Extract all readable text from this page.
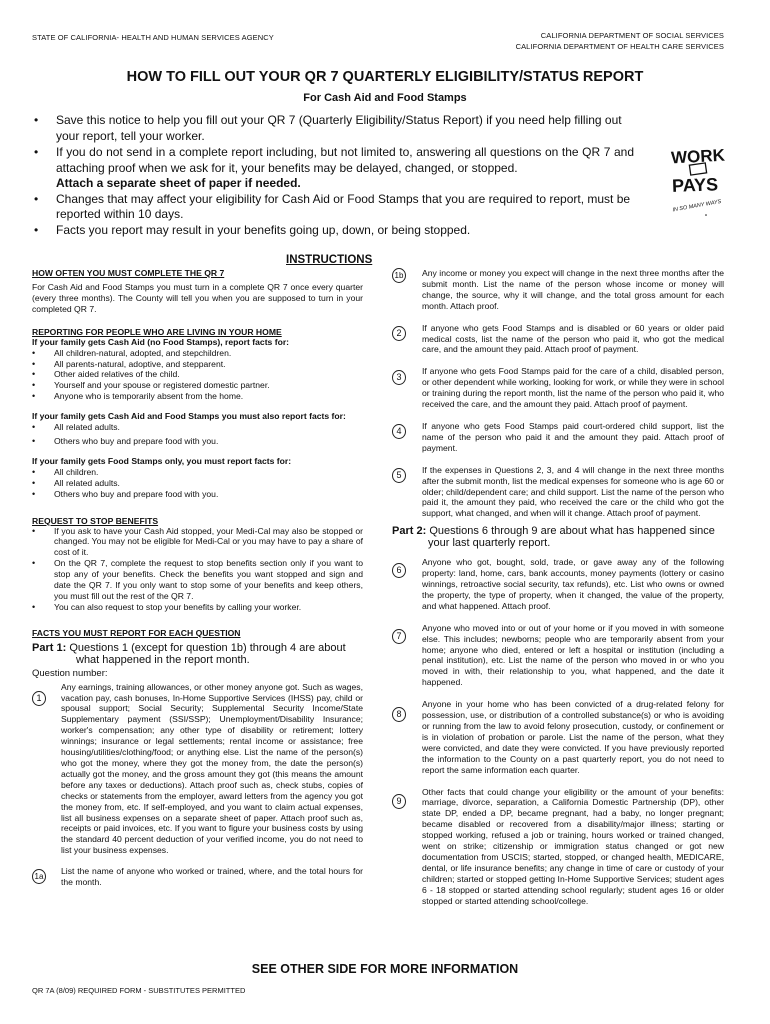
STATE OF CALIFORNIA- HEALTH AND HUMAN SERVICES AGENCY	CALIFORNIA DEPARTMENT OF SOCIAL SERVICES
CALIFORNIA DEPARTMENT OF HEALTH CARE SERVICES
HOW TO FILL OUT YOUR QR 7 QUARTERLY ELIGIBILITY/STATUS REPORT
For Cash Aid and Food Stamps
• Save this notice to help you fill out your QR 7 (Quarterly Eligibility/Status Report) if you need help filling out your report, tell your worker.
• If you do not send in a complete report including, but not limited to, answering all questions on the QR 7 and attaching proof when we ask for it, your benefits may be delayed, changed, or stopped.
Attach a separate sheet of paper if needed.
• Changes that may affect your eligibility for Cash Aid or Food Stamps that you are required to report, must be reported within 10 days.
• Facts you report may result in your benefits going up, down, or being stopped.
WORK
PAYS
IN SO MANY WAYS
INSTRUCTIONS
HOW OFTEN YOU MUST COMPLETE THE QR 7
For Cash Aid and Food Stamps you must turn in a complete QR 7 once every quarter (every three months). The County will tell you when you are supposed to turn in your completed QR 7.
REPORTING FOR PEOPLE WHO ARE LIVING IN YOUR HOME
If your family gets Cash Aid (no Food Stamps), report facts for:
• All children-natural, adopted, and stepchildren.
• All parents-natural, adoptive, and stepparent.
• Other aided relatives of the child.
• Yourself and your spouse or registered domestic partner.
• Anyone who is temporarily absent from the home.
If your family gets Cash Aid and Food Stamps you must also report facts for:
• All related adults.
• Others who buy and prepare food with you.
If your family gets Food Stamps only, you must report facts for:
• All children.
• All related adults.
• Others who buy and prepare food with you.
REQUEST TO STOP BENEFITS
• If you ask to have your Cash Aid stopped, your Medi-Cal may also be stopped or changed. You may not be eligible for Medi-Cal or you may have to pay a share of cost of it.
• On the QR 7, complete the request to stop benefits section only if you want to stop any of your benefits. Check the benefits you want stopped and sign and date the QR 7. If you only want to stop some of your benefits and keep others, you must fill out the rest of the QR 7.
• You can also request to stop your benefits by calling your worker.
FACTS YOU MUST REPORT FOR EACH QUESTION
Part 1: Questions 1 (except for question 1b) through 4 are about what happened in the report month.
Question number:
1
Any earnings, training allowances, or other money anyone got. Such as wages, vacation pay, cash bonuses, In-Home Supportive Services (IHSS) pay, child or spousal support; Social Security; Supplemental Security Income/State Supplementary payment (SSI/SSP); Unemployment/Disability Insurance; worker's compensation; any other type of disability or retirement; lottery winnings; insurance or legal settlements; rental income or assistance; free housing/utilities/clothing/food; or anything else. List the name of the person(s) who got the money, where they got the money from, the date the person(s) actually got the money, and the gross amount they got (this means the amount before any taxes or deductions). Attach proof such as, check stubs, copies of checks or statements from the employer, award letters from the agency you got the money from, etc. If self-employed, and you want to claim actual expenses, list all business expenses on a separate sheet of paper. Attach proof such as, receipts or paid invoices, etc. If you want to figure your business costs by using the standard 40 percent deduction of your verified income, you do not need to list your business expenses.
1a
List the name of anyone who worked or trained, where, and the total hours for the month.
1b Any income or money you expect will change in the next three months after the submit month. List the name of the person whose income or money will change, the source, why it will change, and the total gross amount for each month. Attach proof.
2	If anyone who gets Food Stamps and is disabled or 60 years or older paid medical costs, list the name of the person who paid it, who got the medical care, and the amount they paid. Attach proof of payment.
3
If anyone who gets Food Stamps paid for the care of a child, disabled person, or other dependent while working, looking for work, or while they were in school or training during the report month, list the name of the person who paid it, who received the care, and the amount they paid. Attach proof of payment.
4	If anyone who gets Food Stamps paid court-ordered child support, list the name of the person who paid it and the amount they paid. Attach proof of payment.
5	If the expenses in Questions 2, 3, and 4 will change in the next three months after the submit month, list the medical expenses for someone who is age 60 or older; child/dependent care; and child support. List the name of the person who paid it, the amount they paid, who received the care or the child who got the support, what changed, and when will it change. Attach proof of payment.
Part 2: Questions 6 through 9 are about what has happened since your last quarterly report.
6
Anyone who got, bought, sold, trade, or gave away any of the following property: land, home, cars, bank accounts, money payments (lottery or casino winnings, retroactive social security, tax refunds), etc. List who owns or owned the property, the type of property, when it changed, the value of the property, and what happened. Attach proof.
7
Anyone who moved into or out of your home or if you moved in with someone else. This includes; newborns; people who are temporarily absent from your home; anyone who died, entered or left a hospital or institution (including a penal institution), etc. List the name of the person who moved in or who you moved in with, their relationship to you, what happened, and the date it happened.
8
Anyone in your home who has been convicted of a drug-related felony for possession, use, or distribution of a controlled substance(s) or who is avoiding or running from the law to avoid felony prosecution, custody, or confinement or is in violation of probation or parole. List the name of the person, what they were convicted, and date they were convicted. If you have previously reported the information to the County on a past quarterly report, you do not need to report the same information each quarter.
9
Other facts that could change your eligibility or the amount of your benefits: marriage, divorce, separation, a California Domestic Partnership (DP), other state DP, ended a DP, became pregnant, had a baby, no longer pregnant; became disabled or recovered from a disability/major illness; starting or stopped working, refused a job or training, hours worked or trained changed, went on strike; citizenship or immigration status changed or got new documentation from USCIS; started, stopped, or changed health, MEDICARE, dental, or life insurance benefits; any change in time of care or custody of your children; started or stopped getting In-Home Supportive Services; student ages 6 - 18 stopped or started attending school regularly; student ages 16 or older stopped or started attending school/college.
SEE OTHER SIDE FOR MORE INFORMATION
QR 7A (8/09) REQUIRED FORM - SUBSTITUTES PERMITTED
